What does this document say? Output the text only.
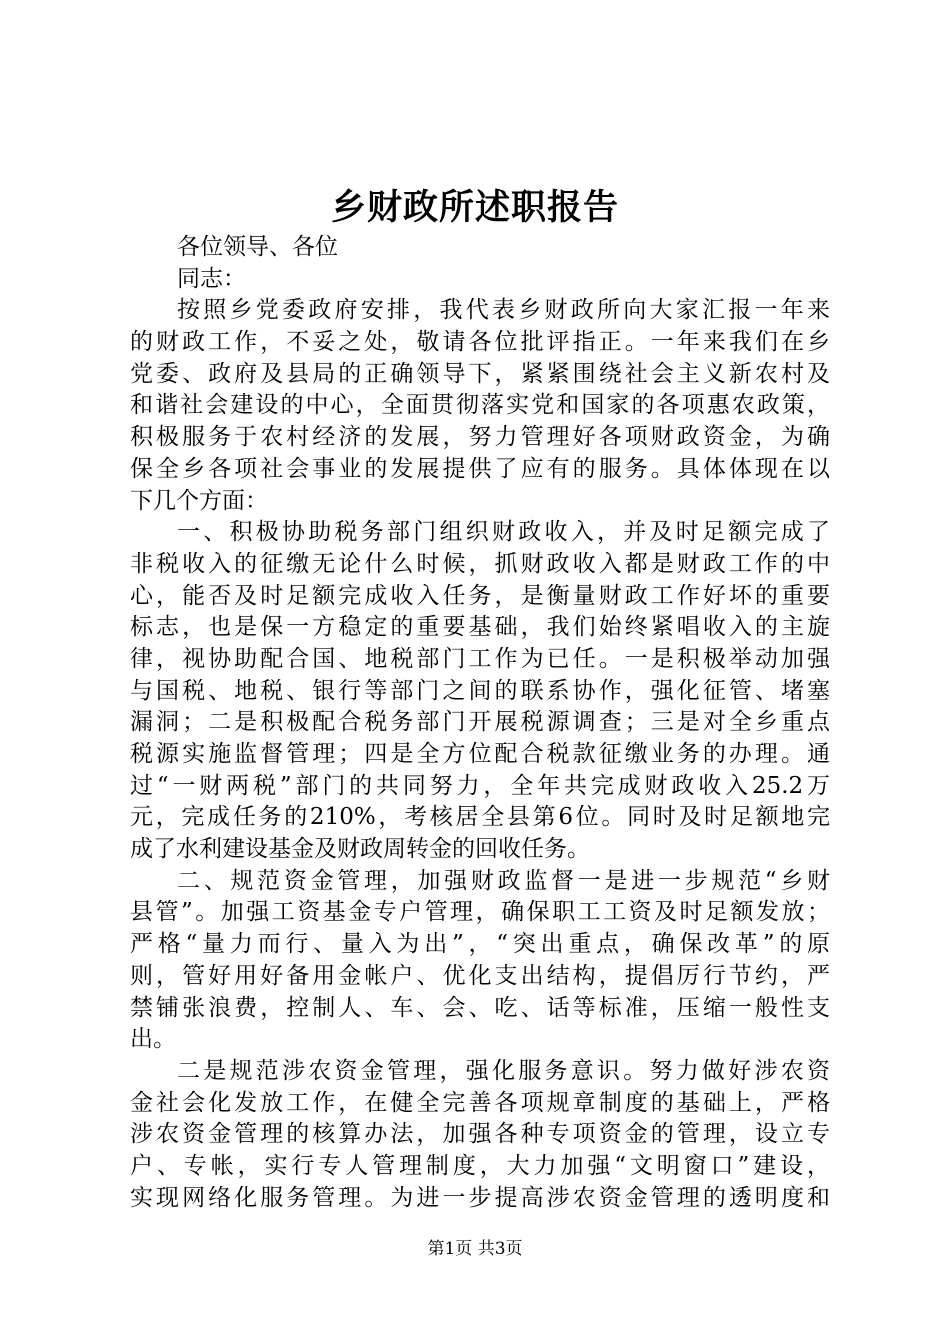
乡财政所述职报告
各位领导、各位
同志：
按照乡党委政府安排，我代表乡财政所向大家汇报一年来
的财政工作，不妥之处，敬请各位批评指正。一年来我们在乡
党委、政府及县局的正确领导下，紧紧围绕社会主义新农村及
和谐社会建设的中心，全面贯彻落实党和国家的各项惠农政策，
积极服务于农村经济的发展，努力管理好各项财政资金，为确
保全乡各项社会事业的发展提供了应有的服务。具体体现在以
下几个方面：
一、积极协助税务部门组织财政收入，并及时足额完成了
非税收入的征缴无论什么时候，抓财政收入都是财政工作的中
心，能否及时足额完成收入任务，是衡量财政工作好坏的重要
标志，也是保一方稳定的重要基础，我们始终紧唱收入的主旋
律，视协助配合国、地税部门工作为已任。一是积极举动加强
与国税、地税、银行等部门之间的联系协作，强化征管、堵塞
漏洞；二是积极配合税务部门开展税源调查；三是对全乡重点
税源实施监督管理；四是全方位配合税款征缴业务的办理。通
过“一财两税”部门的共同努力，全年共完成财政收入25.2万
元，完成任务的210%，考核居全县第6位。同时及时足额地完
成了水利建设基金及财政周转金的回收任务。
二、规范资金管理，加强财政监督一是进一步规范“乡财
县管”。加强工资基金专户管理，确保职工工资及时足额发放；
严格“量力而行、量入为出”，“突出重点，确保改革”的原
则，管好用好备用金帐户、优化支出结构，提倡厉行节约，严
禁铺张浪费，控制人、车、会、吃、话等标准，压缩一般性支
出。
二是规范涉农资金管理，强化服务意识。努力做好涉农资
金社会化发放工作，在健全完善各项规章制度的基础上，严格
涉农资金管理的核算办法，加强各种专项资金的管理，设立专
户、专帐，实行专人管理制度，大力加强“文明窗口”建设，
实现网络化服务管理。为进一步提高涉农资金管理的透明度和
第1页 共3页
